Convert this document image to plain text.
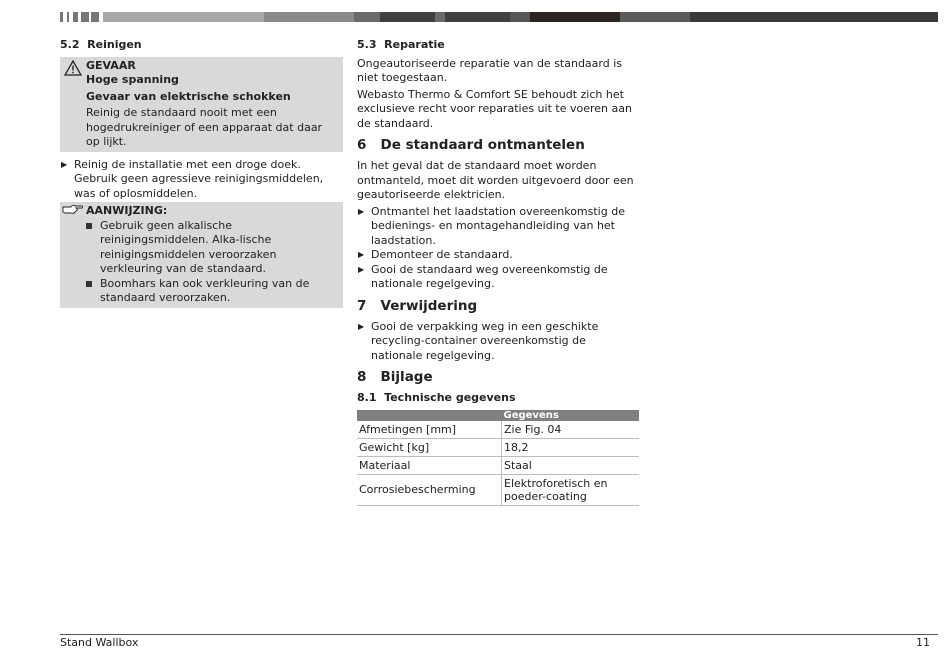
5.2 Reinigen
GEVAAR
Hoge spanning
Gevaar van elektrische schokken
Reinig de standaard nooit met een hogedrukreiniger of een apparaat dat daar op lijkt.

▶ Reinig de installatie met een droge doek. Gebruik geen agressieve reinigingsmiddelen, was of oplosmiddelen.

AANWIJZING:

Gebruik geen alkalische reinigingsmiddelen. Alka-lische reinigingsmiddelen veroorzaken verkleuring van de standaard.

Boomhars kan ook verkleuring van de standaard veroorzaken.

5.3 Reparatie

Ongeautoriseerde reparatie van de standaard is niet toegestaan.

Webasto Thermo & Comfort SE behoudt zich het exclusieve recht voor reparaties uit te voeren aan de standaard.

6 De standaard ontmantelen

In het geval dat de standaard moet worden ontmanteld, moet dit worden uitgevoerd door een geautoriseerde elektricien.

▶ Ontmantel het laadstation overeenkomstig de bedienings- en montagehandleiding van het laadstation.

▶ Demonteer de standaard.

▶ Gooi de standaard weg overeenkomstig de nationale regelgeving.

7 Verwijdering

▶ Gooi de verpakking weg in een geschikte recycling-container overeenkomstig de nationale regelgeving.

8 Bijlage
8.1 Technische gegevens
	Gegevens
Afmetingen [mm]	Zie Fig. 04
Gewicht [kg]	18,2
Materiaal	Staal
Corrosiebescherming	Elektroforetisch en poeder-coating
Stand Wallbox	11
